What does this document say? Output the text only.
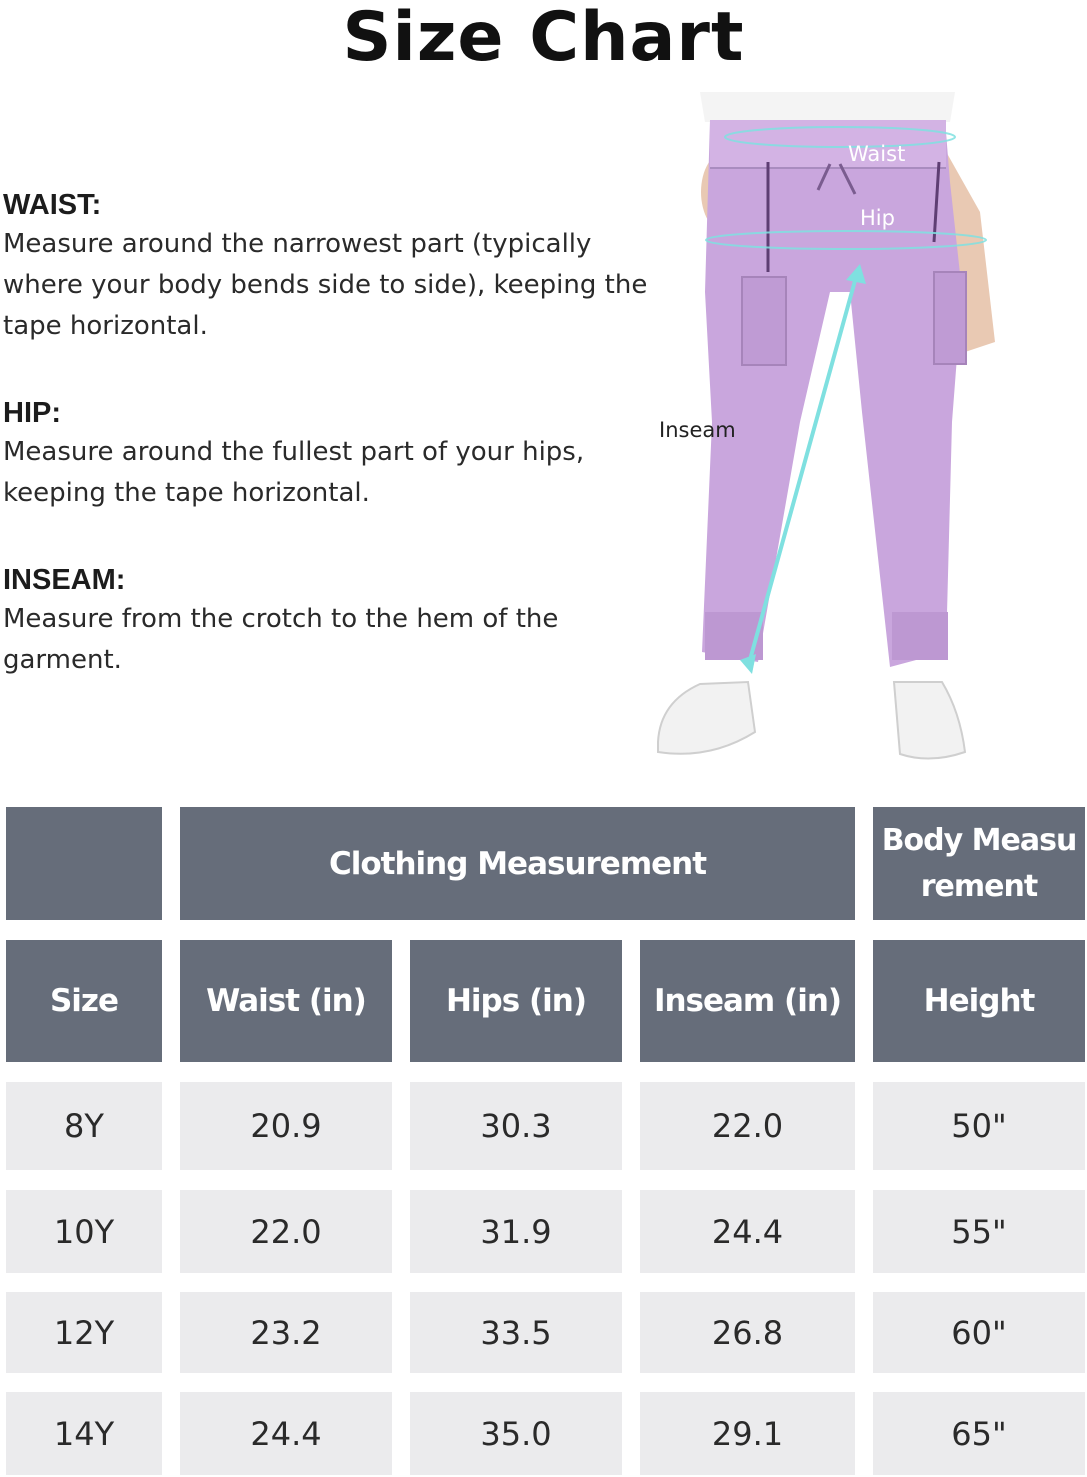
Size Chart
WAIST:
Measure around the narrowest part (typically
where your body bends side to side), keeping the
tape horizontal.
HIP:
Measure around the fullest part of your hips,
keeping the tape horizontal.
INSEAM:
Measure from the crotch to the hem of the
garment.
Waist
Hip
Inseam
Clothing Measurement
Body Measu
rement
Size	Waist (in)	Hips (in)	Inseam (in)	Height
8Y	20.9	30.3	22.0	50"
10Y	22.0	31.9	24.4	55"
12Y	23.2	33.5	26.8	60"
14Y	24.4	35.0	29.1	65"
